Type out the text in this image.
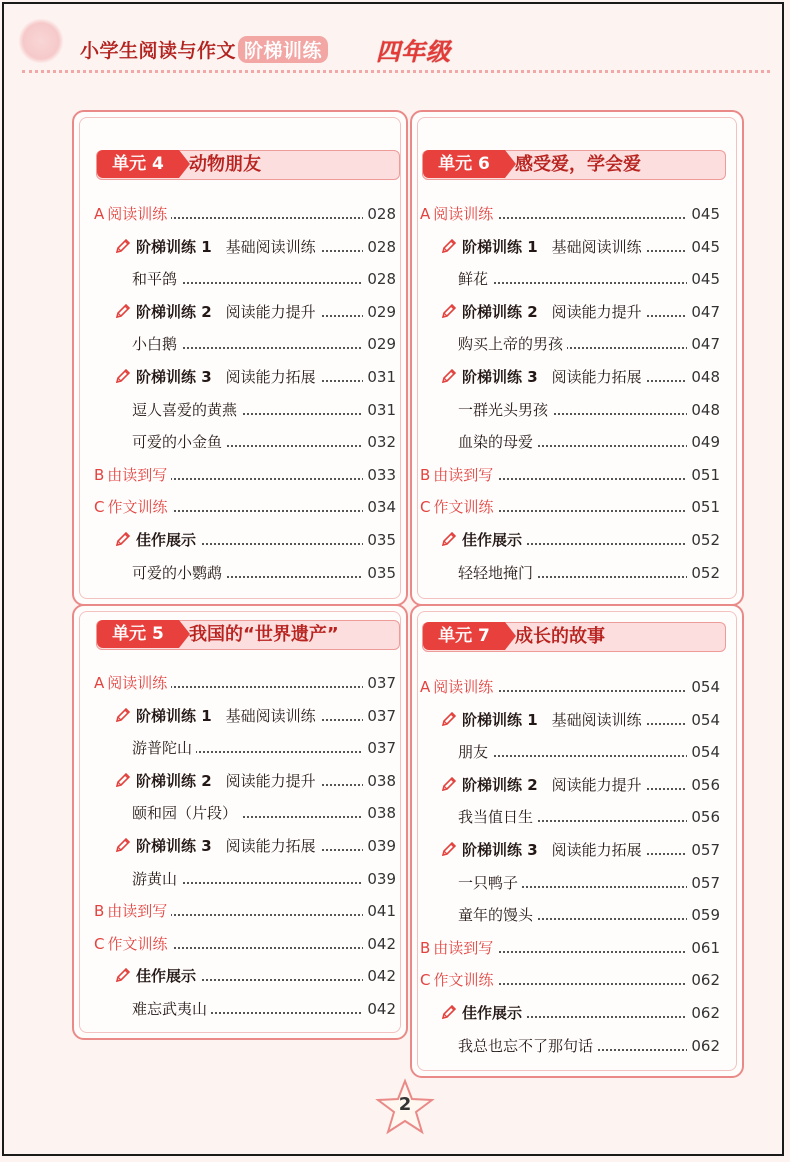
小学生阅读与作文 阶梯训练 四年级
单元 4	动物朋友
A 阅读训练	028
阶梯训练 1 基础阅读训练	028
和平鸽	028
阶梯训练 2 阅读能力提升	029
小白鹅	029
阶梯训练 3 阅读能力拓展	031
逗人喜爱的黄燕	031
可爱的小金鱼	032
B 由读到写	033
C 作文训练	034
佳作展示	035
可爱的小鹦鹉	035
单元 6	感受爱，学会爱
A 阅读训练	045
阶梯训练 1 基础阅读训练	045
鲜花	045
阶梯训练 2 阅读能力提升	047
购买上帝的男孩	047
阶梯训练 3 阅读能力拓展	048
一群光头男孩	048
血染的母爱	049
B 由读到写	051
C 作文训练	051
佳作展示	052
轻轻地掩门	052
单元 5	我国的“世界遗产”
A 阅读训练	037
阶梯训练 1 基础阅读训练	037
游普陀山	037
阶梯训练 2 阅读能力提升	038
颐和园（片段）	038
阶梯训练 3 阅读能力拓展	039
游黄山	039
B 由读到写	041
C 作文训练	042
佳作展示	042
难忘武夷山	042
单元 7	成长的故事
A 阅读训练	054
阶梯训练 1 基础阅读训练	054
朋友	054
阶梯训练 2 阅读能力提升	056
我当值日生	056
阶梯训练 3 阅读能力拓展	057
一只鸭子	057
童年的馒头	059
B 由读到写	061
C 作文训练	062
佳作展示	062
我总也忘不了那句话	062
2
